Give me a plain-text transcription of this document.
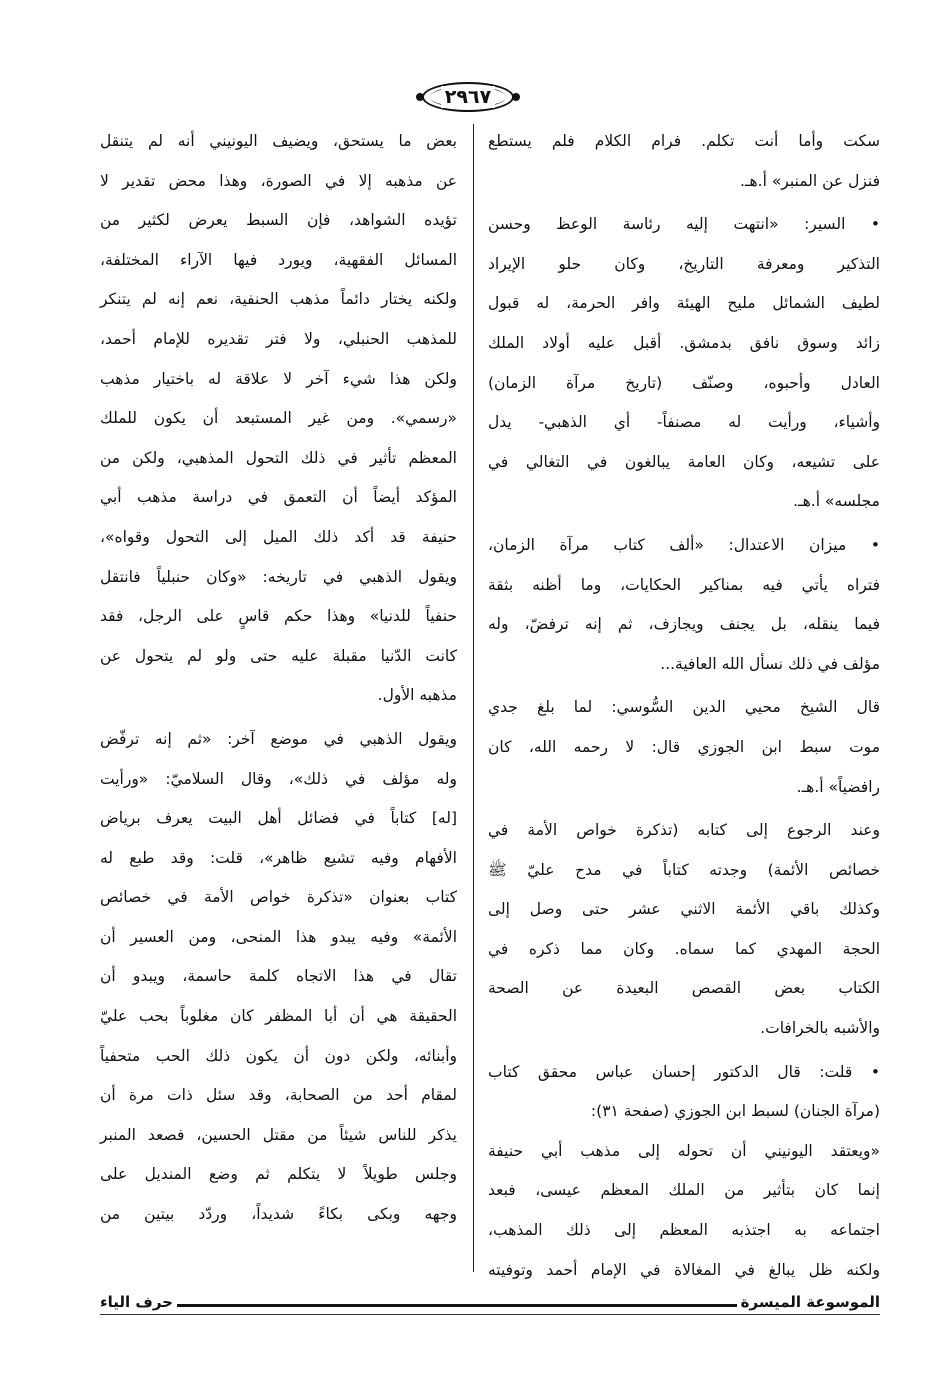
٢٩٦٧
سكت وأما أنت تكلم. فرام الكلام فلم يستطع
فنزل عن المنبر» أ.هـ.
• السير: «انتهت إليه رئاسة الوعظ وحسن
التذكير ومعرفة التاريخ، وكان حلو الإيراد
لطيف الشمائل مليح الهيئة وافر الحرمة، له قبول
زائد وسوق نافق بدمشق. أقبل عليه أولاد الملك
العادل وأحبوه، وصنّف (تاريخ مرآة الزمان)
وأشياء، ورأيت له مصنفاً- أي الذهبي- يدل
على تشيعه، وكان العامة يبالغون في التغالي في
مجلسه» أ.هـ.
• ميزان الاعتدال: «ألف كتاب مرآة الزمان،
فتراه يأتي فيه بمناكير الحكايات، وما أظنه بثقة
فيما ينقله، بل يجنف ويجازف، ثم إنه ترفضّ، وله
مؤلف في ذلك نسأل الله العافية...
قال الشيخ محيي الدين السُّوسي: لما بلغ جدي
موت سبط ابن الجوزي قال: لا رحمه الله، كان
رافضياً» أ.هـ.
وعند الرجوع إلى كتابه (تذكرة خواص الأمة في
خصائص الأئمة) وجدته كتاباً في مدح عليّ ﷺ
وكذلك باقي الأئمة الاثني عشر حتى وصل إلى
الحجة المهدي كما سماه. وكان مما ذكره في
الكتاب بعض القصص البعيدة عن الصحة
والأشبه بالخرافات.
• قلت: قال الدكتور إحسان عباس محقق كتاب
(مرآة الجنان) لسبط ابن الجوزي (صفحة ٣١):
«ويعتقد اليونيني أن تحوله إلى مذهب أبي حنيفة
إنما كان بتأثير من الملك المعظم عيسى، فبعد
اجتماعه به اجتذبه المعظم إلى ذلك المذهب،
ولكنه ظل يبالغ في المغالاة في الإمام أحمد وتوفيته
بعض ما يستحق، ويضيف اليونيني أنه لم يتنقل
عن مذهبه إلا في الصورة، وهذا محض تقدير لا
تؤيده الشواهد، فإن السبط يعرض لكثير من
المسائل الفقهية، ويورد فيها الآراء المختلفة،
ولكنه يختار دائماً مذهب الحنفية، نعم إنه لم يتنكر
للمذهب الحنبلي، ولا فتر تقديره للإمام أحمد،
ولكن هذا شيء آخر لا علاقة له باختيار مذهب
«رسمي». ومن غير المستبعد أن يكون للملك
المعظم تأثير في ذلك التحول المذهبي، ولكن من
المؤكد أيضاً أن التعمق في دراسة مذهب أبي
حنيفة قد أكد ذلك الميل إلى التحول وقواه»،
ويقول الذهبي في تاريخه: «وكان حنبلياً فانتقل
حنفياً للدنيا» وهذا حكم قاسٍ على الرجل، فقد
كانت الدّنيا مقبلة عليه حتى ولو لم يتحول عن
مذهبه الأول.
ويقول الذهبي في موضع آخر: «ثم إنه ترفّض
وله مؤلف في ذلك»، وقال السلاميّ: «ورأيت
[له] كتاباً في فضائل أهل البيت يعرف برياض
الأفهام وفيه تشيع ظاهر»، قلت: وقد طبع له
كتاب بعنوان «تذكرة خواص الأمة في خصائص
الأئمة» وفيه يبدو هذا المنحى، ومن العسير أن
تقال في هذا الاتجاه كلمة حاسمة، ويبدو أن
الحقيقة هي أن أبا المظفر كان مغلوباً بحب عليّ
وأبنائه، ولكن دون أن يكون ذلك الحب متحفياً
لمقام أحد من الصحابة، وقد سئل ذات مرة أن
يذكر للناس شيئاً من مقتل الحسين، فصعد المنبر
وجلس طويلاً لا يتكلم ثم وضع المنديل على
وجهه وبكى بكاءً شديداً، وردّد بيتين من
الموسوعة الميسرة
حرف الياء
